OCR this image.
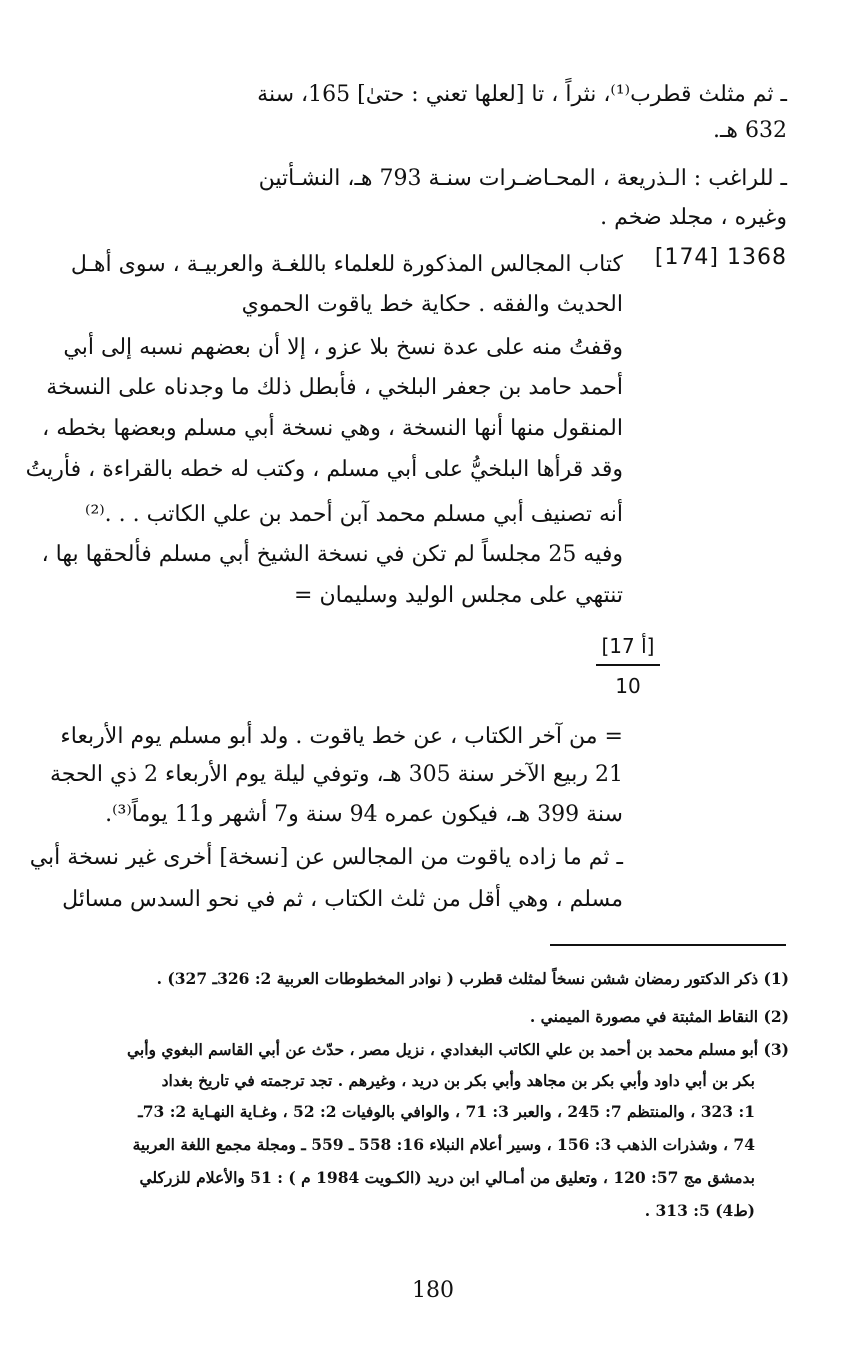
ـ ثم مثلث قطرب⁽¹⁾، نثراً ، تا [لعلها تعني : حتىٰ] 165، سنة
632 هـ.
ـ للراغب : الـذريعة ، المحـاضـرات سنـة 793 هـ، النشـأتين
وغيره ، مجلد ضخم .
[174] 1368
كتاب المجالس المذكورة للعلماء باللغـة والعربيـة ، سوى أهـل
الحديث والفقه . حكاية خط ياقوت الحموي
وقفتُ منه على عدة نسخ بلا عزو ، إلا أن بعضهم نسبه إلى أبي
أحمد حامد بن جعفر البلخي ، فأبطل ذلك ما وجدناه على النسخة
المنقول منها أنها النسخة ، وهي نسخة أبي مسلم وبعضها بخطه ،
وقد قرأها البلخيُّ على أبي مسلم ، وكتب له خطه بالقراءة ، فأريتُ
أنه تصنيف أبي مسلم محمد آبن أحمد بن علي الكاتب . . .⁽²⁾
وفيه 25 مجلساً لم تكن في نسخة الشيخ أبي مسلم فألحقها بها ،
تنتهي على مجلس الوليد وسليمان =
[17 أ]
10
= من آخر الكتاب ، عن خط ياقوت . ولد أبو مسلم يوم الأربعاء
21 ربيع الآخر سنة 305 هـ، وتوفي ليلة يوم الأربعاء 2 ذي الحجة
سنة 399 هـ، فيكون عمره 94 سنة و7 أشهر و11 يوماً⁽³⁾.
ـ ثم ما زاده ياقوت من المجالس عن [نسخة] أخرى غير نسخة أبي
مسلم ، وهي أقل من ثلث الكتاب ، ثم في نحو السدس مسائل
(1) ذكر الدكتور رمضان ششن نسخاً لمثلث قطرب ( نوادر المخطوطات العربية 2: 326ـ 327) .
(2) النقاط المثبتة في مصورة الميمني .
(3) أبو مسلم محمد بن أحمد بن علي الكاتب البغدادي ، نزيل مصر ، حدّث عن أبي القاسم البغوي وأبي
بكر بن أبي داود وأبي بكر بن مجاهد وأبي بكر بن دريد ، وغيرهم . تجد ترجمته في تاريخ بغداد
1: 323 ، والمنتظم 7: 245 ، والعبر 3: 71 ، والوافي بالوفيات 2: 52 ، وغـاية النهـاية 2: 73ـ
74 ، وشذرات الذهب 3: 156 ، وسير أعلام النبلاء 16: 558 ـ 559 ـ ومجلة مجمع اللغة العربية
بدمشق مج 57: 120 ، وتعليق من أمـالي ابن دريد (الكـويت 1984 م ) : 51 والأعلام للزركلي
(ط4) 5: 313 .
180
